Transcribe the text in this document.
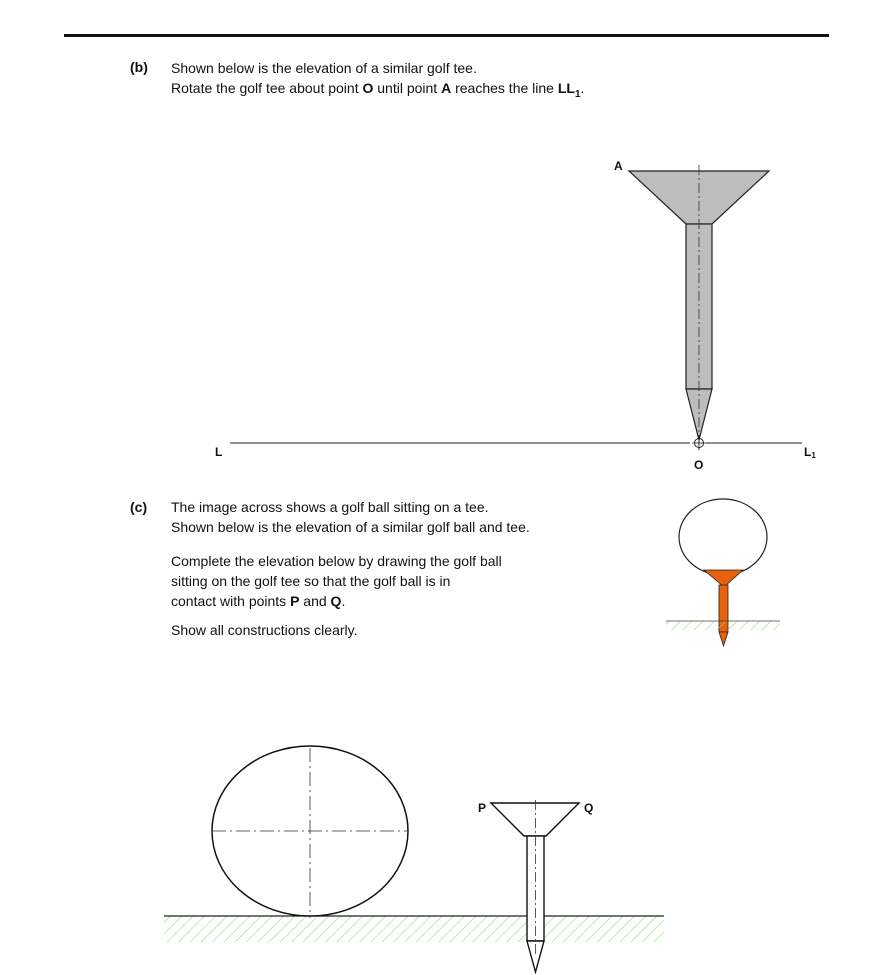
(b) Shown below is the elevation of a similar golf tee.

Rotate the golf tee about point O until point A reaches the line $LL_1$.

(c) The image across shows a golf ball sitting on a tee.

Shown below is the elevation of a similar golf ball and tee.

Complete the elevation below by drawing the golf ball

sitting on the golf tee so that the golf ball is in

contact with points P and Q.

Show all constructions clearly.

A
O
L	L1
P	Q
